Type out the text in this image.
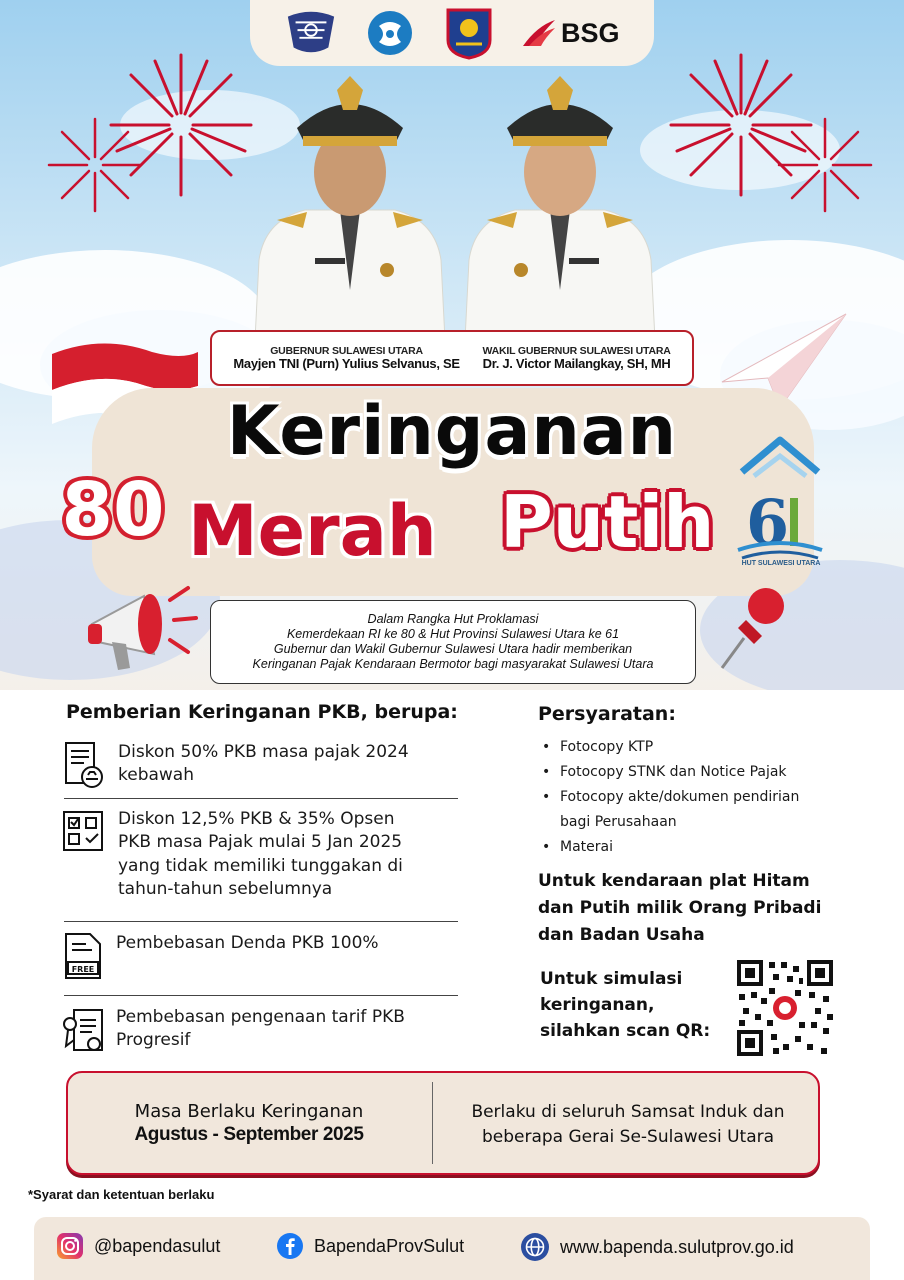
BSG
GUBERNUR SULAWESI UTARA
Mayjen TNI (Purn) Yulius Selvanus, SE
WAKIL GUBERNUR SULAWESI UTARA
Dr. J. Victor Mailangkay, SH, MH
Keringanan
80 Merah Putih 6
HUT SULAWESI UTARA
Dalam Rangka Hut Proklamasi
Kemerdekaan RI ke 80 & Hut Provinsi Sulawesi Utara ke 61
Gubernur dan Wakil Gubernur Sulawesi Utara hadir memberikan
Keringanan Pajak Kendaraan Bermotor bagi masyarakat Sulawesi Utara
Pemberian Keringanan PKB, berupa:
Diskon 50% PKB masa pajak 2024
kebawah
Diskon 12,5% PKB & 35% Opsen
PKB masa Pajak mulai 5 Jan 2025
yang tidak memiliki tunggakan di
tahun-tahun sebelumnya
FREE
Pembebasan Denda PKB 100%
Pembebasan pengenaan tarif PKB
Progresif
Persyaratan:
• Fotocopy KTP
• Fotocopy STNK dan Notice Pajak
• Fotocopy akte/dokumen pendirian
bagi Perusahaan
• Materai
Untuk kendaraan plat Hitam
dan Putih milik Orang Pribadi
dan Badan Usaha
Untuk simulasi
keringanan,
silahkan scan QR:
Masa Berlaku Keringanan
Agustus - September 2025
Berlaku di seluruh Samsat Induk dan
beberapa Gerai Se-Sulawesi Utara
*Syarat dan ketentuan berlaku
@bapendasulut	BapendaProvSulut	www.bapenda.sulutprov.go.id
